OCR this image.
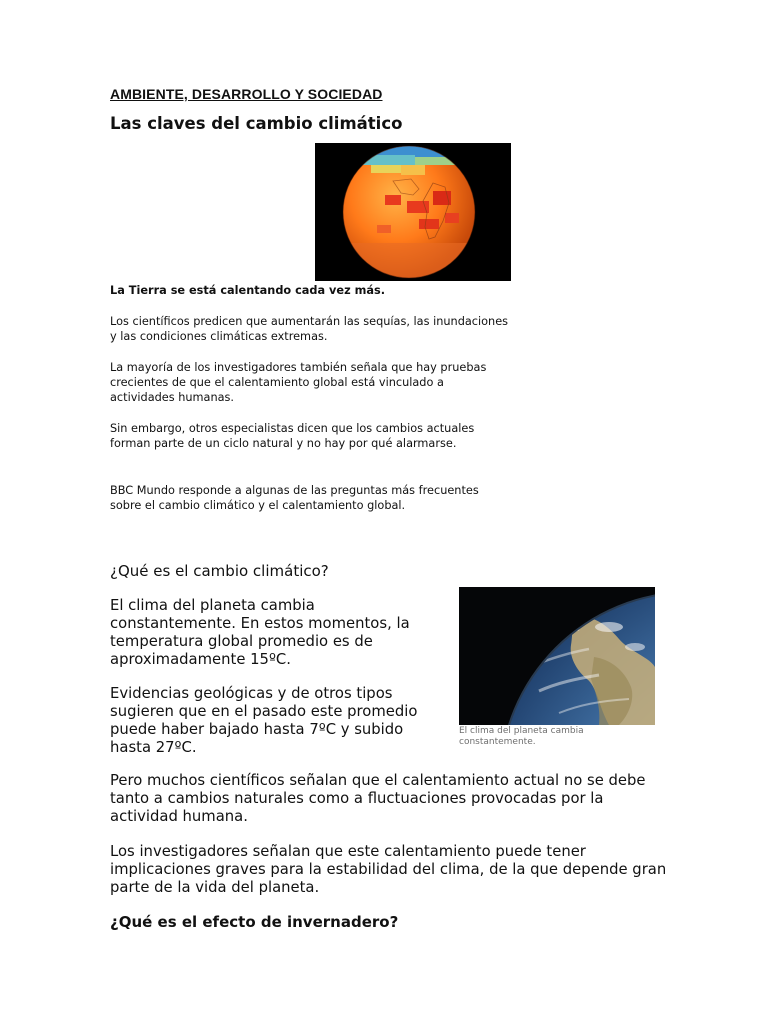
AMBIENTE, DESARROLLO Y SOCIEDAD
Las claves del cambio climático

La Tierra se está calentando cada vez más.

Los científicos predicen que aumentarán las sequías, las inundaciones y las condiciones climáticas extremas.

La mayoría de los investigadores también señala que hay pruebas crecientes de que el calentamiento global está vinculado a actividades humanas.

Sin embargo, otros especialistas dicen que los cambios actuales forman parte de un ciclo natural y no hay por qué alarmarse.

BBC Mundo responde a algunas de las preguntas más frecuentes sobre el cambio climático y el calentamiento global.

¿Qué es el cambio climático?

El clima del planeta cambia constantemente. En estos momentos, la temperatura global promedio es de aproximadamente 15ºC.

Evidencias geológicas y de otros tipos sugieren que en el pasado este promedio puede haber bajado hasta 7ºC y subido hasta 27ºC.

El clima del planeta cambia constantemente.

Pero muchos científicos señalan que el calentamiento actual no se debe tanto a cambios naturales como a fluctuaciones provocadas por la actividad humana.

Los investigadores señalan que este calentamiento puede tener implicaciones graves para la estabilidad del clima, de la que depende gran parte de la vida del planeta.

¿Qué es el efecto de invernadero?
